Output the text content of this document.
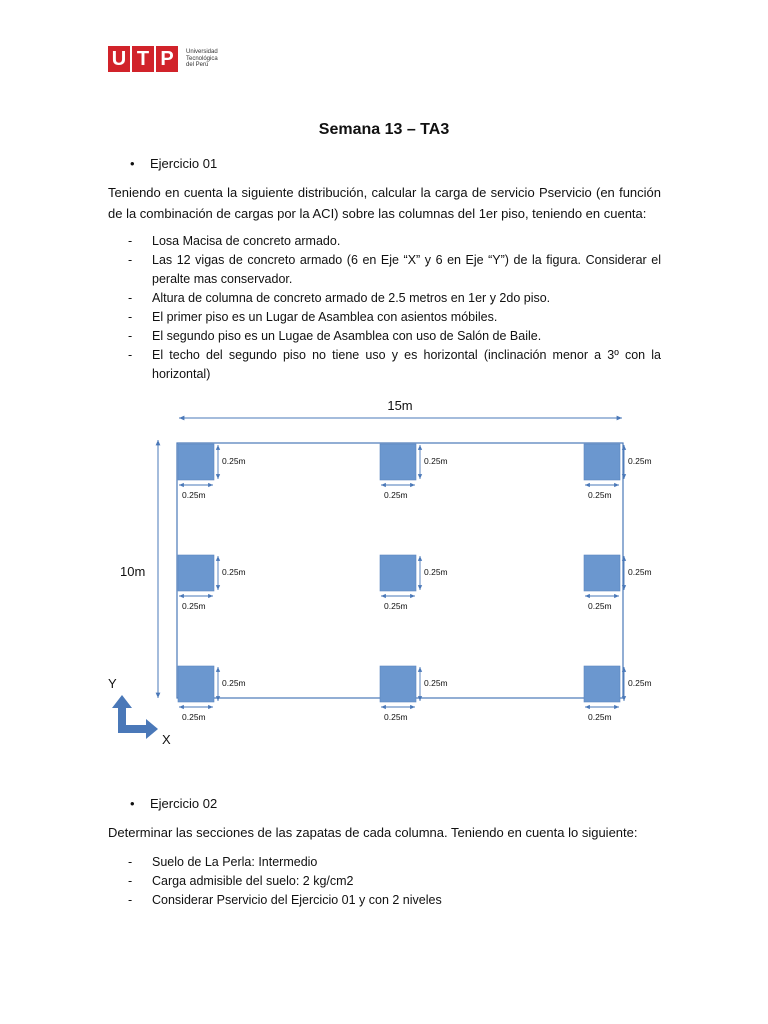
U T P	Universidad
Tecnológica
del Perú
Semana 13 – TA3
• Ejercicio 01
Teniendo en cuenta la siguiente distribución, calcular la carga de servicio Pservicio (en función de la combinación de cargas por la ACI) sobre las columnas del 1er piso, teniendo en cuenta:
- Losa Macisa de concreto armado.
- Las 12 vigas de concreto armado (6 en Eje “X” y 6 en Eje “Y”) de la figura. Considerar el peralte mas conservador.
- Altura de columna de concreto armado de 2.5 metros en 1er y 2do piso.
- El primer piso es un Lugar de Asamblea con asientos móbiles.
- El segundo piso es un Lugae de Asamblea con uso de Salón de Baile.
- El techo del segundo piso no tiene uso y es horizontal (inclinación menor a 3º con la horizontal)
15m
10m
0.25m
0.25m
0.25m
0.25m
0.25m
0.25m
0.25m
0.25m
0.25m
0.25m
0.25m
0.25m
0.25m
0.25m
0.25m
0.25m
0.25m
0.25m
Y
X
• Ejercicio 02
Determinar las secciones de las zapatas de cada columna. Teniendo en cuenta lo siguiente:
- Suelo de La Perla: Intermedio
- Carga admisible del suelo: 2 kg/cm2
- Considerar Pservicio del Ejercicio 01 y con 2 niveles
